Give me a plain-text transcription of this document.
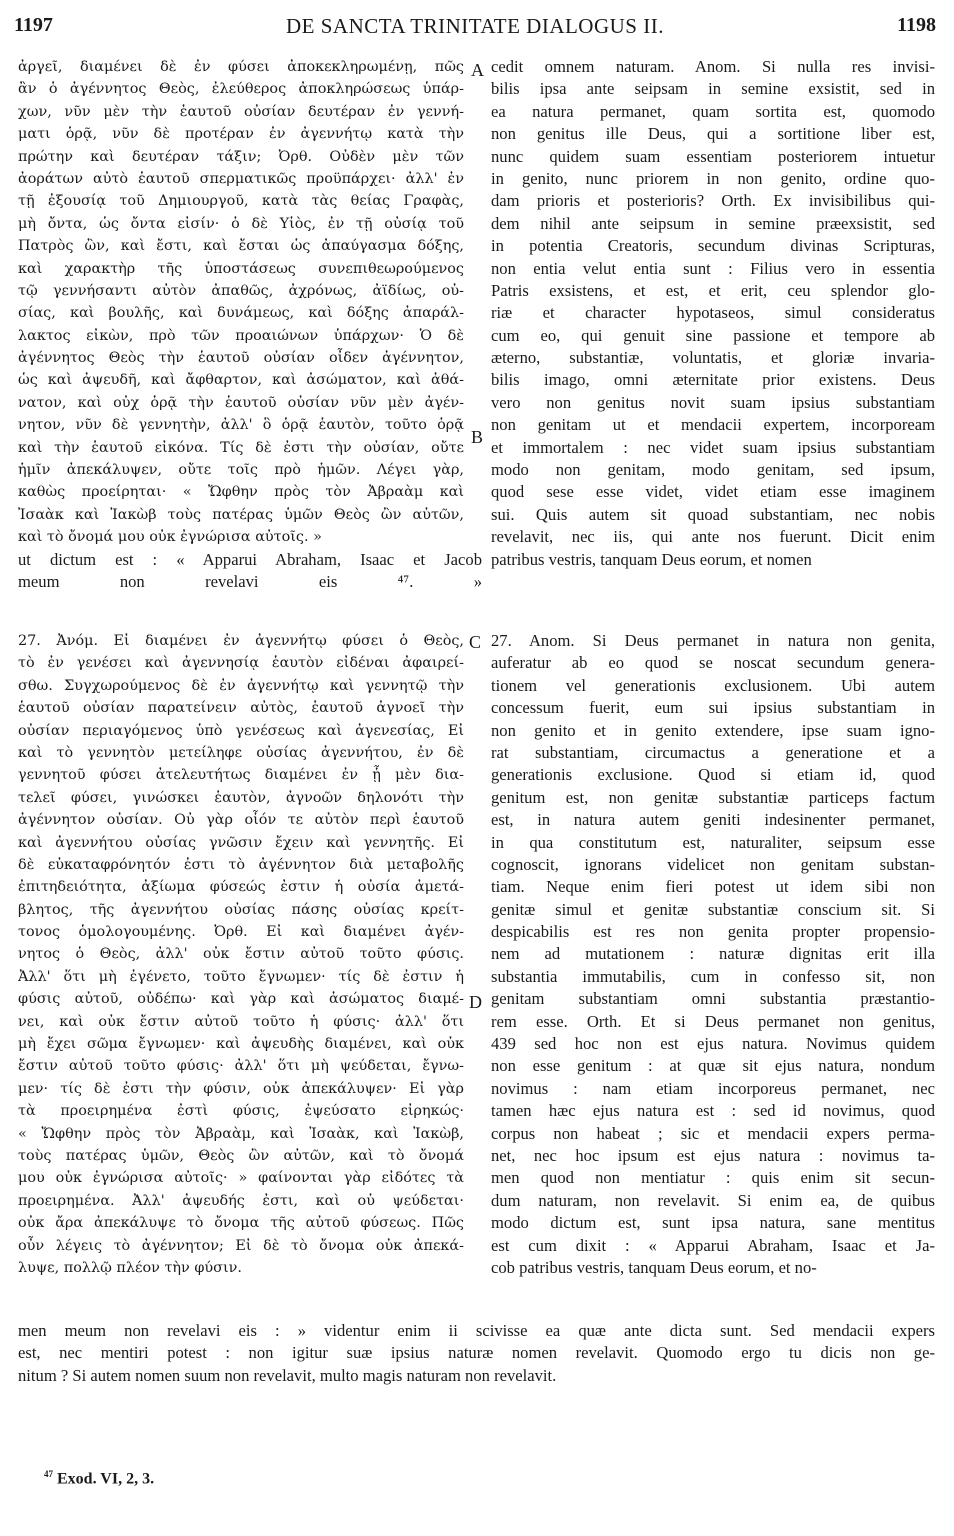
1197	DE SANCTA TRINITATE DIALOGUS II.	1198
ἀργεῖ, διαμένει δὲ ἐν φύσει ἀποκεκληρωμένῃ, πῶς
ἂν ὁ ἀγέννητος Θεὸς, ἐλεύθερος ἀποκληρώσεως ὑπάρ-
χων, νῦν μὲν τὴν ἑαυτοῦ οὐσίαν δευτέραν ἐν γεννή-
ματι ὁρᾷ, νῦν δὲ προτέραν ἐν ἀγεννήτῳ κατὰ τὴν
πρώτην καὶ δευτέραν τάξιν; Ὀρθ. Οὐδὲν μὲν τῶν
ἀοράτων αὐτὸ ἑαυτοῦ σπερματικῶς προϋπάρχει· ἀλλ' ἐν
τῇ ἐξουσίᾳ τοῦ Δημιουργοῦ, κατὰ τὰς θείας Γραφὰς,
μὴ ὄντα, ὡς ὄντα εἰσίν· ὁ δὲ Υἱὸς, ἐν τῇ οὐσίᾳ τοῦ
Πατρὸς ὢν, καὶ ἔστι, καὶ ἔσται ὡς ἀπαύγασμα δόξης,
καὶ χαρακτὴρ τῆς ὑποστάσεως συνεπιθεωρούμενος
τῷ γεννήσαντι αὐτὸν ἀπαθῶς, ἀχρόνως, ἀϊδίως, οὐ-
σίας, καὶ βουλῆς, καὶ δυνάμεως, καὶ δόξης ἀπαράλ-
λακτος εἰκὼν, πρὸ τῶν προαιώνων ὑπάρχων· Ὁ δὲ
ἀγέννητος Θεὸς τὴν ἑαυτοῦ οὐσίαν οἶδεν ἀγέννητον,
ὡς καὶ ἀψευδῆ, καὶ ἄφθαρτον, καὶ ἀσώματον, καὶ ἀθά-
νατον, καὶ οὐχ ὁρᾷ τὴν ἑαυτοῦ οὐσίαν νῦν μὲν ἀγέν-
νητον, νῦν δὲ γεννητὴν, ἀλλ' ὃ ὁρᾷ ἑαυτὸν, τοῦτο ὁρᾷ
καὶ τὴν ἑαυτοῦ εἰκόνα. Τίς δὲ ἐστι τὴν οὐσίαν, οὔτε
ἡμῖν ἀπεκάλυψεν, οὔτε τοῖς πρὸ ἡμῶν. Λέγει γὰρ,
καθὼς προείρηται· « Ὤφθην πρὸς τὸν Ἀβραὰμ καὶ
Ἰσαὰκ καὶ Ἰακὼβ τοὺς πατέρας ὑμῶν Θεὸς ὢν αὐτῶν,
καὶ τὸ ὄνομά μου οὐκ ἐγνώρισα αὐτοῖς. »
ut dictum est : « Apparui Abraham, Isaac et Jacob
meum non revelavi eis ⁴⁷. »
cedit omnem naturam. Anom. Si nulla res invisi-
bilis ipsa ante seipsam in semine exsistit, sed in
ea natura permanet, quam sortita est, quomodo
non genitus ille Deus, qui a sortitione liber est,
nunc quidem suam essentiam posteriorem intuetur
in genito, nunc priorem in non genito, ordine quo-
dam prioris et posterioris? Orth. Ex invisibilibus qui-
dem nihil ante seipsum in semine præexsistit, sed
in potentia Creatoris, secundum divinas Scripturas,
non entia velut entia sunt : Filius vero in essentia
Patris exsistens, et est, et erit, ceu splendor glo-
riæ et character hypotaseos, simul consideratus
cum eo, qui genuit sine passione et tempore ab
æterno, substantiæ, voluntatis, et gloriæ invaria-
bilis imago, omni æternitate prior existens. Deus
vero non genitus novit suam ipsius substantiam
non genitam ut et mendacii expertem, incorpoream
et immortalem : nec videt suam ipsius substantiam
modo non genitam, modo genitam, sed ipsum,
quod sese esse videt, videt etiam esse imaginem
sui. Quis autem sit quoad substantiam, nec nobis
revelavit, nec iis, qui ante nos fuerunt. Dicit enim
patribus vestris, tanquam Deus eorum, et nomen
27. Ἀνόμ. Εἰ διαμένει ἐν ἀγεννήτῳ φύσει ὁ Θεὸς,
τὸ ἐν γενέσει καὶ ἀγεννησίᾳ ἑαυτὸν εἰδέναι ἀφαιρεί-
σθω. Συγχωρούμενος δὲ ἐν ἀγεννήτῳ καὶ γεννητῷ τὴν
ἑαυτοῦ οὐσίαν παρατείνειν αὐτὸς, ἑαυτοῦ ἀγνοεῖ τὴν
οὐσίαν περιαγόμενος ὑπὸ γενέσεως καὶ ἀγενεσίας, Εἰ
καὶ τὸ γεννητὸν μετείληφε οὐσίας ἀγεννήτου, ἐν δὲ
γεννητοῦ φύσει ἀτελευτήτως διαμένει ἐν ᾗ μὲν δια-
τελεῖ φύσει, γινώσκει ἑαυτὸν, ἀγνοῶν δηλονότι τὴν
ἀγέννητον οὐσίαν. Οὐ γὰρ οἷόν τε αὐτὸν περὶ ἑαυτοῦ
καὶ ἀγεννήτου οὐσίας γνῶσιν ἔχειν καὶ γεννητῆς. Εἰ
δὲ εὐκαταφρόνητόν ἐστι τὸ ἀγέννητον διὰ μεταβολῆς
ἐπιτηδειότητα, ἀξίωμα φύσεώς ἐστιν ἡ οὐσία ἀμετά-
βλητος, τῆς ἀγεννήτου οὐσίας πάσης οὐσίας κρείτ-
τονος ὁμολογουμένης. Ὀρθ. Εἰ καὶ διαμένει ἀγέν-
νητος ὁ Θεὸς, ἀλλ' οὐκ ἔστιν αὐτοῦ τοῦτο φύσις.
Ἀλλ' ὅτι μὴ ἐγένετο, τοῦτο ἔγνωμεν· τίς δὲ ἐστιν ἡ
φύσις αὐτοῦ, οὐδέπω· καὶ γὰρ καὶ ἀσώματος διαμέ-
νει, καὶ οὐκ ἔστιν αὐτοῦ τοῦτο ἡ φύσις· ἀλλ' ὅτι
μὴ ἔχει σῶμα ἔγνωμεν· καὶ ἀψευδὴς διαμένει, καὶ οὐκ
ἔστιν αὐτοῦ τοῦτο φύσις· ἀλλ' ὅτι μὴ ψεύδεται, ἔγνω-
μεν· τίς δὲ ἐστι τὴν φύσιν, οὐκ ἀπεκάλυψεν· Εἰ γὰρ
τὰ προειρημένα ἐστὶ φύσις, ἐψεύσατο εἰρηκώς·
« Ὤφθην πρὸς τὸν Ἀβραὰμ, καὶ Ἰσαὰκ, καὶ Ἰακὼβ,
τοὺς πατέρας ὑμῶν, Θεὸς ὢν αὐτῶν, καὶ τὸ ὄνομά
μου οὐκ ἐγνώρισα αὐτοῖς· » φαίνονται γὰρ εἰδότες τὰ
προειρημένα. Ἀλλ' ἀψευδής ἐστι, καὶ οὐ ψεύδεται·
οὐκ ἄρα ἀπεκάλυψε τὸ ὄνομα τῆς αὐτοῦ φύσεως. Πῶς
οὖν λέγεις τὸ ἀγέννητον; Εἰ δὲ τὸ ὄνομα οὐκ ἀπεκά-
λυψε, πολλῷ πλέον τὴν φύσιν.
27. Anom. Si Deus permanet in natura non genita,
auferatur ab eo quod se noscat secundum genera-
tionem vel generationis exclusionem. Ubi autem
concessum fuerit, eum sui ipsius substantiam in
non genito et in genito extendere, ipse suam igno-
rat substantiam, circumactus a generatione et a
generationis exclusione. Quod si etiam id, quod
genitum est, non genitæ substantiæ particeps factum
est, in natura autem geniti indesinenter permanet,
in qua constitutum est, naturaliter, seipsum esse
cognoscit, ignorans videlicet non genitam substan-
tiam. Neque enim fieri potest ut idem sibi non
genitæ simul et genitæ substantiæ conscium sit. Si
despicabilis est res non genita propter propensio-
nem ad mutationem : naturæ dignitas erit illa
substantia immutabilis, cum in confesso sit, non
genitam substantiam omni substantia præstantio-
rem esse. Orth. Et si Deus permanet non genitus,
439 sed hoc non est ejus natura. Novimus quidem
non esse genitum : at quæ sit ejus natura, nondum
novimus : nam etiam incorporeus permanet, nec
tamen hæc ejus natura est : sed id novimus, quod
corpus non habeat ; sic et mendacii expers perma-
net, nec hoc ipsum est ejus natura : novimus ta-
men quod non mentiatur : quis enim sit secun-
dum naturam, non revelavit. Si enim ea, de quibus
modo dictum est, sunt ipsa natura, sane mentitus
est cum dixit : « Apparui Abraham, Isaac et Ja-
cob patribus vestris, tanquam Deus eorum, et no-
men meum non revelavi eis : » videntur enim ii scivisse ea quæ ante dicta sunt. Sed mendacii expers
est, nec mentiri potest : non igitur suæ ipsius naturæ nomen revelavit. Quomodo ergo tu dicis non ge-
nitum ? Si autem nomen suum non revelavit, multo magis naturam non revelavit.
A
B
C
D
$^{47}$ Exod. VI, 2, 3.
